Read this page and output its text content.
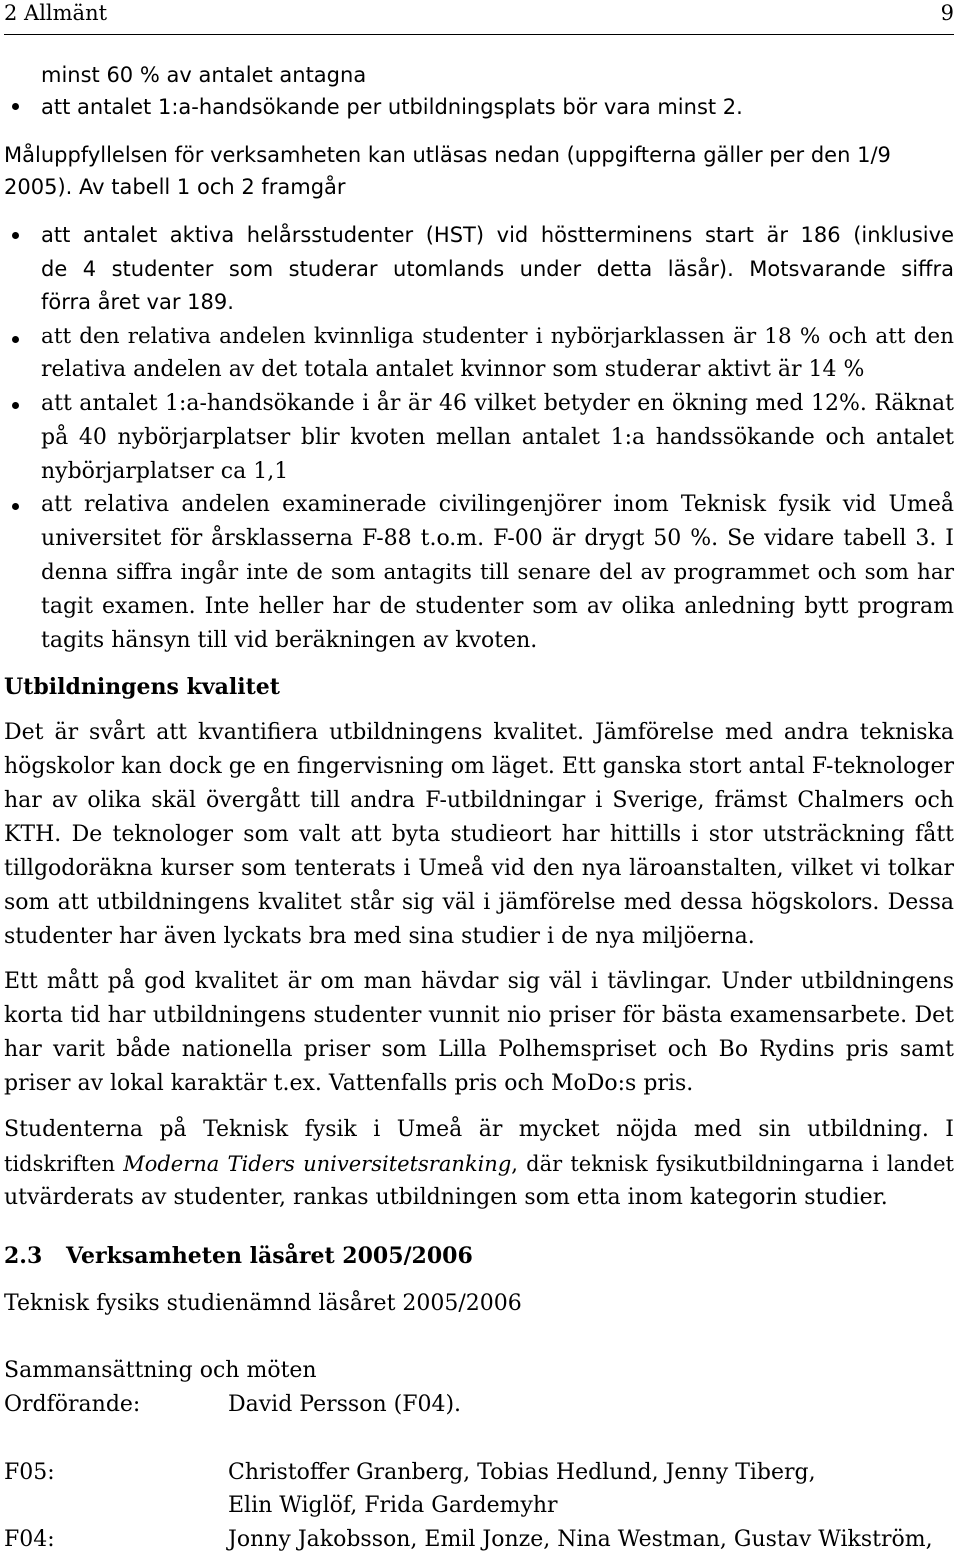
2 Allmänt	9
minst 60 % av antalet antagna
att antalet 1:a-handsökande per utbildningsplats bör vara minst 2.
Måluppfyllelsen för verksamheten kan utläsas nedan (uppgifterna gäller per den 1/9
2005). Av tabell 1 och 2 framgår
att antalet aktiva helårsstudenter (HST) vid höstterminens start är 186 (inklusive
de 4 studenter som studerar utomlands under detta läsår). Motsvarande siffra
förra året var 189.
att den relativa andelen kvinnliga studenter i nybörjarklassen är 18 % och att den
relativa andelen av det totala antalet kvinnor som studerar aktivt är 14 %
att antalet 1:a-handsökande i år är 46 vilket betyder en ökning med 12%. Räknat
på 40 nybörjarplatser blir kvoten mellan antalet 1:a handssökande och antalet
nybörjarplatser ca 1,1
att relativa andelen examinerade civilingenjörer inom Teknisk fysik vid Umeå
universitet för årsklasserna F-88 t.o.m. F-00 är drygt 50 %. Se vidare tabell 3. I
denna siffra ingår inte de som antagits till senare del av programmet och som har
tagit examen. Inte heller har de studenter som av olika anledning bytt program
tagits hänsyn till vid beräkningen av kvoten.
Utbildningens kvalitet
Det är svårt att kvantifiera utbildningens kvalitet. Jämförelse med andra tekniska
högskolor kan dock ge en fingervisning om läget. Ett ganska stort antal F-teknologer
har av olika skäl övergått till andra F-utbildningar i Sverige, främst Chalmers och
KTH. De teknologer som valt att byta studieort har hittills i stor utsträckning fått
tillgodoräkna kurser som tenterats i Umeå vid den nya läroanstalten, vilket vi tolkar
som att utbildningens kvalitet står sig väl i jämförelse med dessa högskolors. Dessa
studenter har även lyckats bra med sina studier i de nya miljöerna.
Ett mått på god kvalitet är om man hävdar sig väl i tävlingar. Under utbildningens
korta tid har utbildningens studenter vunnit nio priser för bästa examensarbete. Det
har varit både nationella priser som Lilla Polhemspriset och Bo Rydins pris samt
priser av lokal karaktär t.ex. Vattenfalls pris och MoDo:s pris.
Studenterna på Teknisk fysik i Umeå är mycket nöjda med sin utbildning. I
tidskriften Moderna Tiders universitetsranking, där teknisk fysikutbildningarna i landet
utvärderats av studenter, rankas utbildningen som etta inom kategorin studier.
2.3 Verksamheten läsåret 2005/2006
Teknisk fysiks studienämnd läsåret 2005/2006
Sammansättning och möten
Ordförande:	David Persson (F04).
F05:	Christoffer Granberg, Tobias Hedlund, Jenny Tiberg,
Elin Wiglöf, Frida Gardemyhr
F04:	Jonny Jakobsson, Emil Jonze, Nina Westman, Gustav Wikström,
